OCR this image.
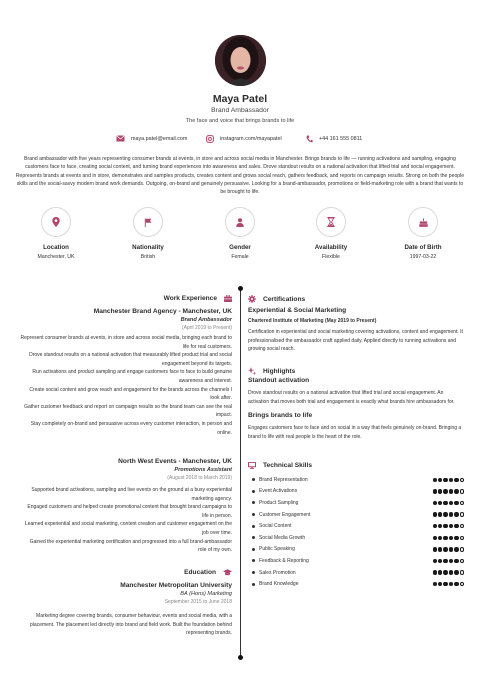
Maya Patel
Brand Ambassador
The face and voice that brings brands to life
maya.patel@email.com	instagram.com/mayapatel	+44 161 555 0811
Brand ambassador with five years representing consumer brands at events, in store and across social media in Manchester. Brings brands to life — running activations and sampling, engaging customers face to face, creating social content, and turning brand experiences into awareness and sales. Drove standout results on a national activation that lifted trial and social engagement. Represents brands at events and in store, demonstrates and samples products, creates content and grows social reach, gathers feedback, and reports on campaign results. Strong on both the people skills and the social-savvy modern brand work demands. Outgoing, on-brand and genuinely persuasive. Looking for a brand-ambassador, promotions or field-marketing role with a brand that wants to be brought to life.
Location
Manchester, UK
Nationality
British
Gender
Female
Availability
Flexible
Date of Birth
1997-03-22
Work Experience
Manchester Brand Agency - Manchester, UK
Brand Ambassador
(April 2019 to Present)
Represent consumer brands at events, in store and across social media, bringing each brand to life for real customers.
Drove standout results on a national activation that measurably lifted product trial and social engagement beyond its targets.
Run activations and product sampling and engage customers face to face to build genuine awareness and interest.
Create social content and grow reach and engagement for the brands across the channels I look after.
Gather customer feedback and report on campaign results so the brand team can see the real impact.
Stay completely on-brand and persuasive across every customer interaction, in person and online.
North West Events - Manchester, UK
Promotions Assistant
(August 2018 to March 2019)
Supported brand activations, sampling and live events on the ground at a busy experiential marketing agency.
Engaged customers and helped create promotional content that brought brand campaigns to life in person.
Learned experiential and social marketing, content creation and customer engagement on the job over time.
Gained the experiential marketing certification and progressed into a full brand-ambassador role of my own.
Education
Manchester Metropolitan University
BA (Hons) Marketing
September 2015 to June 2018
Marketing degree covering brands, consumer behaviour, events and social media, with a placement. The placement led directly into brand and field work. Built the foundation behind representing brands.
Certifications
Experiential & Social Marketing
Chartered Institute of Marketing (May 2019 to Present)
Certification in experiential and social marketing covering activations, content and engagement. It professionalised the ambassador craft applied daily. Applied directly to running activations and growing social reach.
Highlights
Standout activation
Drove standout results on a national activation that lifted trial and social engagement. An activation that moves both trial and engagement is exactly what brands hire ambassadors for.
Brings brands to life
Engages customers face to face and on social in a way that feels genuinely on-brand. Bringing a brand to life with real people is the heart of the role.
Technical Skills
Brand Representation
Event Activations
Product Sampling
Customer Engagement
Social Content
Social Media Growth
Public Speaking
Feedback & Reporting
Sales Promotion
Brand Knowledge
